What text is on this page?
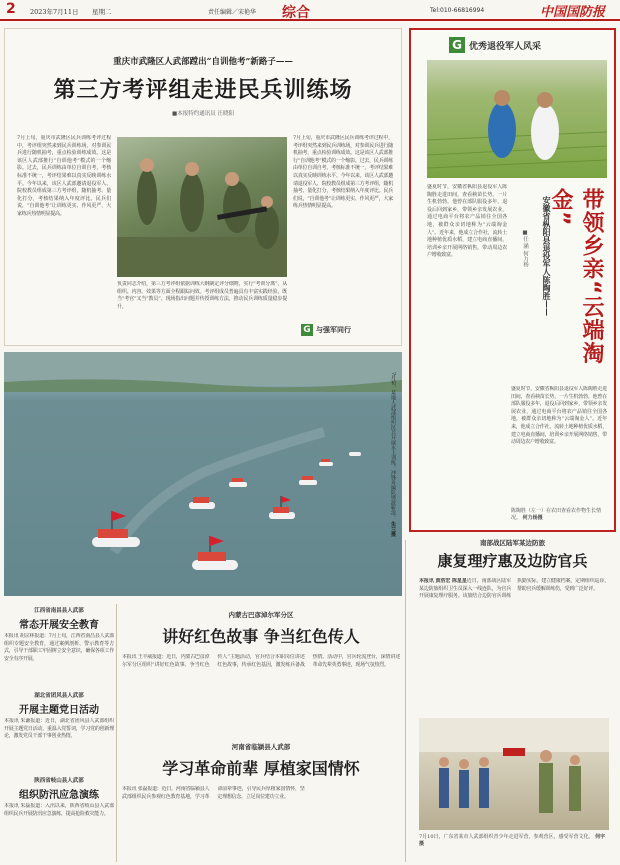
2 2023年7月11日 星期二	责任编辑／宋艳华 综合	Tel:010-66816994	中国国防报
重庆市武隆区人武部蹚出“自训他考”新路子——
第三方考评组走进民兵训练场
■本报特约通讯员 汪晓阳
7月上旬，重庆市武隆区民兵训练考评过程中，考评组突然来到民兵训练场，对参训民兵进行随机抽考，重点检验训练成效。这是该区人武部推行“自训他考”模式的一个缩影。过去，民兵训练由单位自训自考，考核标准不统一，考评结果难以真实反映训练水平。今年以来，该区人武部邀请退役军人、院校教员组成第三方考评组，随机抽考、量化打分，考核结果纳入年度评比。民兵们说，“自训他考”让训练更实、作风更严，大家练兵热情明显提高。
负责同志介绍，第三方考评组依据训练大纲制定评分细则，实行“考训分离”，从组织、内容、效果等方面全程跟踪问效。考评组成员普遍具有丰富实践经验，既当“考官”又当“教员”，现场指出问题并传授训练方法，推动民兵训练质量稳步提升。
7月上旬，重庆市武隆区民兵训练考评过程中，考评组突然来到民兵训练场，对参训民兵进行随机抽考，重点检验训练成效。这是该区人武部推行“自训他考”模式的一个缩影。过去，民兵训练由单位自训自考，考核标准不统一，考评结果难以真实反映训练水平。今年以来，该区人武部邀请退役军人、院校教员组成第三方考评组，随机抽考、量化打分，考核结果纳入年度评比。民兵们说，“自训他考”让训练更实、作风更严，大家练兵热情明显提高。
G 与强军同行
7月初，某地人武部组织民兵开展水上训练，冲锋舟编队劈波斩浪。 朱兰摄
G 优秀退役军人风采
盛夏时节，安徽省枞阳县退役军人陈陶胜走进田间，查看秧苗长势，一片生机勃勃。他曾在部队服役多年，退役后回到家乡，带领乡亲发展农业，通过电商平台将农产品销往全国各地，被群众亲切地称为“云端淘金人”。近年来，他成立合作社，流转土地种植优质水稻，建立电商直播间，培训乡亲开展网络销售，带动周边农户增收致富。	带领乡亲“云端淘金”
安徽省枞阳县退役军人陈陶胜——
■任 涵 何力杨
盛夏时节，安徽省枞阳县退役军人陈陶胜走进田间，查看秧苗长势，一片生机勃勃。他曾在部队服役多年，退役后回到家乡，带领乡亲发展农业，通过电商平台将农产品销往全国各地，被群众亲切地称为“云端淘金人”。近年来，他成立合作社，流转土地种植优质水稻，建立电商直播间，培训乡亲开展网络销售，带动周边农户增收致富。
陈陶胜（左一）在农田查看农作物生长情况。 何力杨摄
南部战区陆军某边防旅
康复理疗惠及边防官兵
本报讯 黄浩宏 陈星星近日，南部战区陆军某边防旅组织卫生员深入一线连队，为官兵开展康复理疗服务。该旅结合边防官兵训练执勤实际，建立健康档案，定期组织巡诊，帮助官兵缓解训练伤，受到广泛好评。
7月10日，广东省某市人武部组织青少年走进军营，参观营区，感受军营文化。 何宇摄
江西省南昌县人武部
常态开展安全教育
本报讯 胡宗林报道：7月上旬，江西省南昌县人武部组织专题安全教育，通过案例剖析、警示教育等方式，引导干部职工牢固树立安全意识，确保各项工作安全有序开展。
湖北省团风县人武部
开展主题党日活动
本报讯 朱谦报道：近日，湖北省团风县人武部组织开展主题党日活动，重温入党誓词，学习党的创新理论，激发党员干部干事创业热情。
陕西省岐山县人武部
组织防汛应急演练
本报讯 朱磊报道：入汛以来，陕西省岐山县人武部组织民兵开展防汛应急演练，提高抢险救灾能力。
内蒙古巴彦淖尔军分区
讲好红色故事 争当红色传人
本报讯 王丰威报道：近日，内蒙古巴彦淖尔军分区组织“讲好红色故事、争当红色传人”主题活动，官兵结合本职岗位讲述红色故事，传承红色基因，激发练兵备战热情。活动中，官兵轮流登台，深情讲述革命先辈英勇事迹，现场气氛热烈。
河南省临颍县人武部
学习革命前辈 厚植家国情怀
本报讯 张磊报道：近日，河南省临颍县人武部组织民兵参观红色教育基地，学习革命前辈事迹，引导民兵厚植家国情怀，坚定理想信念，立足岗位建功立业。
